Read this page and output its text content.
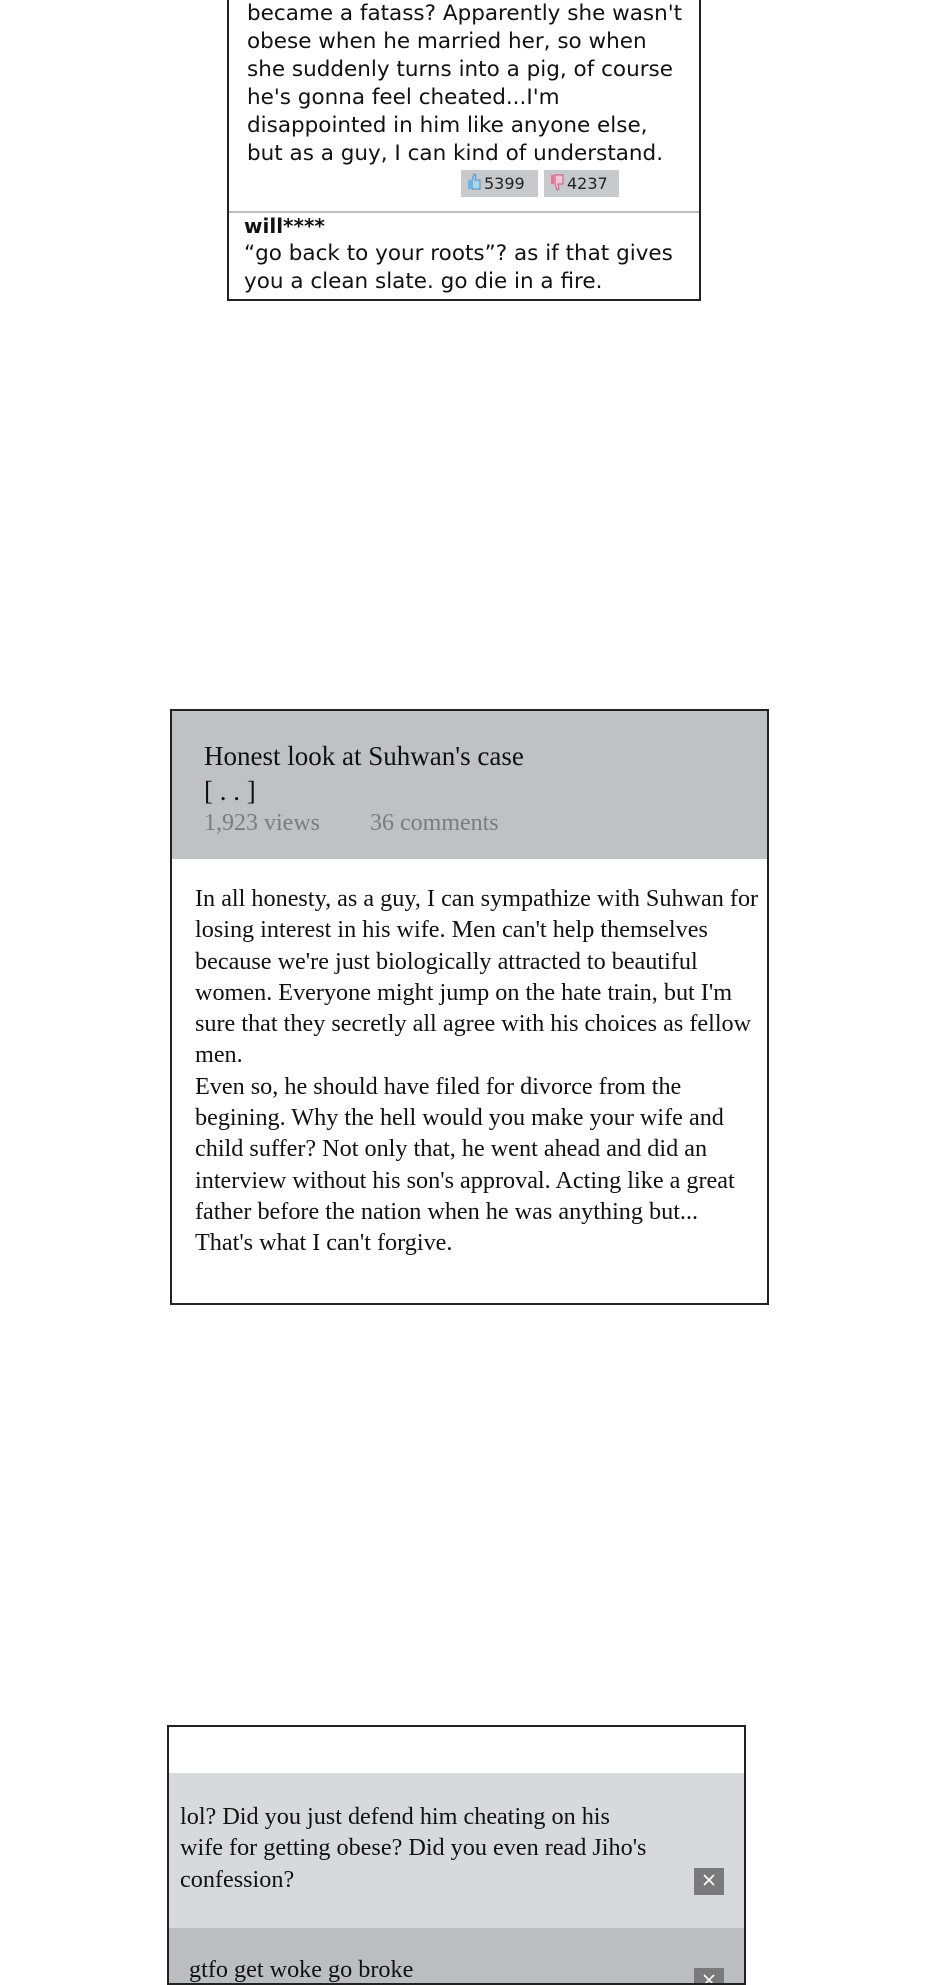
became a fatass? Apparently she wasn't obese when he married her, so when she suddenly turns into a pig, of course he's gonna feel cheated...I'm disappointed in him like anyone else, but as a guy, I can kind of understand.

5399	4237
will****

“go back to your roots”? as if that gives you a clean slate. go die in a fire.

Honest look at Suhwan's case
[ . . ]
1,923 views 36 comments

In all honesty, as a guy, I can sympathize with Suhwan for losing interest in his wife. Men can't help themselves because we're just biologically attracted to beautiful women. Everyone might jump on the hate train, but I'm sure that they secretly all agree with his choices as fellow men.

Even so, he should have filed for divorce from the begining. Why the hell would you make your wife and child suffer? Not only that, he went ahead and did an interview without his son's approval. Acting like a great father before the nation when he was anything but...

That's what I can't forgive.

lol? Did you just defend him cheating on his wife for getting obese? Did you even read Jiho's confession?

gtfo get woke go broke
